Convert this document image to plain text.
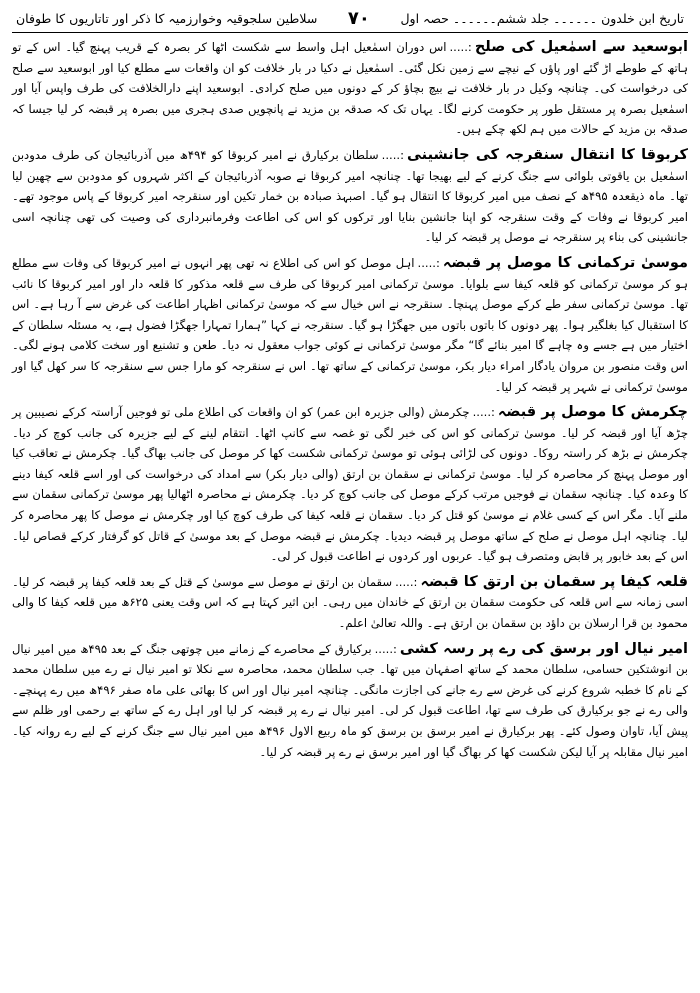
تاریخ ابن خلدون ۔۔۔۔۔۔ جلد ششم۔۔۔۔۔۔ حصہ اول
۷۰
سلاطین سلجوقیہ وخوارزمیہ کا ذکر اور تاتاریوں کا طوفان

ابوسعید سے اسمٰعیل کی صلح:.....اس دوران اسمٰعیل اہل واسط سے شکست اٹھا کر بصرہ کے قریب پہنچ گیا۔ اس کے تو ہاتھ کے طوطے اڑ گئے اور پاؤں کے نیچے سے زمین نکل گئی۔ اسمٰعیل نے دکیا در بار خلافت کو ان واقعات سے مطلع کیا اور ابوسعید سے صلح کی درخواست کی۔ چنانچہ وکیل در بار خلافت نے بیچ بچاؤ کر کے دونوں میں صلح کرادی۔ ابوسعید اپنے دارالخلافت کی طرف واپس آیا اور اسمٰعیل بصرہ پر مستقل طور پر حکومت کرنے لگا۔ یہاں تک کہ صدقہ بن مزید نے پانچویں صدی ہجری میں بصرہ پر قبضہ کر لیا جیسا کہ صدقہ بن مزید کے حالات میں ہم لکھ چکے ہیں۔

کربوقا کا انتقال سنقرجہ کی جانشینی:.....سلطان برکیارق نے امیر کربوقا کو ۴۹۴ھ میں آذربائیجان کی طرف مدودبن اسمٰعیل بن یاقوتی بلوائی سے جنگ کرنے کے لیے بھیجا تھا۔ چنانچہ امیر کربوقا نے صوبہ آذربائیجان کے اکثر شہروں کو مدودبن سے چھین لیا تھا۔ ماہ ذیقعدہ ۴۹۵ھ کے نصف میں امیر کربوقا کا انتقال ہو گیا۔ اصبہذ صبادہ بن خمار تکین اور سنقرجہ امیر کربوقا کے پاس موجود تھے۔ امیر کربوقا نے وفات کے وقت سنقرجہ کو اپنا جانشین بنایا اور ترکوں کو اس کی اطاعت وفرمانبرداری کی وصیت کی تھی چنانچہ اسی جانشینی کی بناء پر سنقرجہ نے موصل پر قبضہ کر لیا۔

موسیٰ ترکمانی کا موصل پر قبضہ:.....اہل موصل کو اس کی اطلاع نہ تھی پھر انہوں نے امیر کربوقا کی وفات سے مطلع ہو کر موسیٰ ترکمانی کو قلعہ کیفا سے بلوایا۔ موسیٰ ترکمانی امیر کربوقا کی طرف سے قلعہ مذکور کا قلعہ دار اور امیر کربوقا کا نائب تھا۔ موسیٰ ترکمانی سفر طے کرکے موصل پہنچا۔ سنقرجہ نے اس خیال سے کہ موسیٰ ترکمانی اظہار اطاعت کی غرض سے آ رہا ہے۔ اس کا استقبال کیا بغلگیر ہوا۔ پھر دونوں کا باتوں باتوں میں جھگڑا ہو گیا۔ سنقرجہ نے کہا ”ہمارا تمہارا جھگڑا فضول ہے، یہ مسئلہ سلطان کے اختیار میں ہے جسے وہ چاہے گا امیر بنائے گا“ مگر موسیٰ ترکمانی نے کوئی جواب معقول نہ دیا۔ طعن و تشنیع اور سخت کلامی ہونے لگی۔ اس وقت منصور بن مروان یادگار امراء دیار بکر، موسیٰ ترکمانی کے ساتھ تھا۔ اس نے سنقرجہ کو مارا جس سے سنقرجہ کا سر کھل گیا اور موسیٰ ترکمانی نے شہر پر قبضہ کر لیا۔

چکرمش کا موصل پر قبضہ:.....چکرمش (والی جزیرہ ابن عمر) کو ان واقعات کی اطلاع ملی تو فوجیں آراستہ کرکے نصیبین پر چڑھ آیا اور قبضہ کر لیا۔ موسیٰ ترکمانی کو اس کی خبر لگی تو غصہ سے کانپ اٹھا۔ انتقام لینے کے لیے جزیرہ کی جانب کوچ کر دیا۔ چکرمش نے بڑھ کر راستہ روکا۔ دونوں کی لڑائی ہوئی تو موسیٰ ترکمانی شکست کھا کر موصل کی جانب بھاگ گیا۔ چکرمش نے تعاقب کیا اور موصل پہنچ کر محاصرہ کر لیا۔ موسیٰ ترکمانی نے سقمان بن ارتق (والی دیار بکر) سے امداد کی درخواست کی اور اسے قلعہ کیفا دینے کا وعدہ کیا۔ چنانچہ سقمان نے فوجیں مرتب کرکے موصل کی جانب کوچ کر دیا۔ چکرمش نے محاصرہ اٹھالیا پھر موسیٰ ترکمانی سقمان سے ملنے آیا۔ مگر اس کے کسی غلام نے موسیٰ کو قتل کر دیا۔ سقمان نے قلعہ کیفا کی طرف کوچ کیا اور چکرمش نے موصل کا پھر محاصرہ کر لیا۔ چنانچہ اہل موصل نے صلح کے ساتھ موصل پر قبضہ دیدیا۔ چکرمش نے قبضہ موصل کے بعد موسیٰ کے قاتل کو گرفتار کرکے قصاص لیا۔ اس کے بعد خابور پر قابض ومتصرف ہو گیا۔ عربوں اور کردوں نے اطاعت قبول کر لی۔

قلعہ کیفا پر سقمان بن ارتق کا قبضہ:.....سقمان بن ارتق نے موصل سے موسیٰ کے قتل کے بعد قلعہ کیفا پر قبضہ کر لیا۔ اسی زمانہ سے اس قلعہ کی حکومت سقمان بن ارتق کے خاندان میں رہی۔ ابن اثیر کہتا ہے کہ اس وقت یعنی ۶۲۵ھ میں قلعہ کیفا کا والی محمود بن قرا ارسلان بن داؤد بن سقمان بن ارتق ہے۔ واللہ تعالیٰ اعلم۔

امیر نیال اور برسق کی رے پر رسہ کشی:.....برکیارق کے محاصرے کے زمانے میں چوتھی جنگ کے بعد ۴۹۵ھ میں امیر نیال بن انوشتکین حسامی، سلطان محمد کے ساتھ اصفہان میں تھا۔ جب سلطان محمد، محاصرہ سے نکلا تو امیر نیال نے رے میں سلطان محمد کے نام کا خطبہ شروع کرنے کی غرض سے رے جانے کی اجازت مانگی۔ چنانچہ امیر نیال اور اس کا بھائی علی ماہ صفر ۴۹۶ھ میں رے پہنچے۔ والی رے نے جو برکیارق کی طرف سے تھا، اطاعت قبول کر لی۔ امیر نیال نے رے پر قبضہ کر لیا اور اہل رے کے ساتھ بے رحمی اور ظلم سے پیش آیا، تاوان وصول کئے۔ پھر برکیارق نے امیر برسق بن برسق کو ماہ ربیع الاول ۴۹۶ھ میں امیر نیال سے جنگ کرنے کے لیے رے روانہ کیا۔ امیر نیال مقابلہ پر آیا لیکن شکست کھا کر بھاگ گیا اور امیر برسق نے رے پر قبضہ کر لیا۔
